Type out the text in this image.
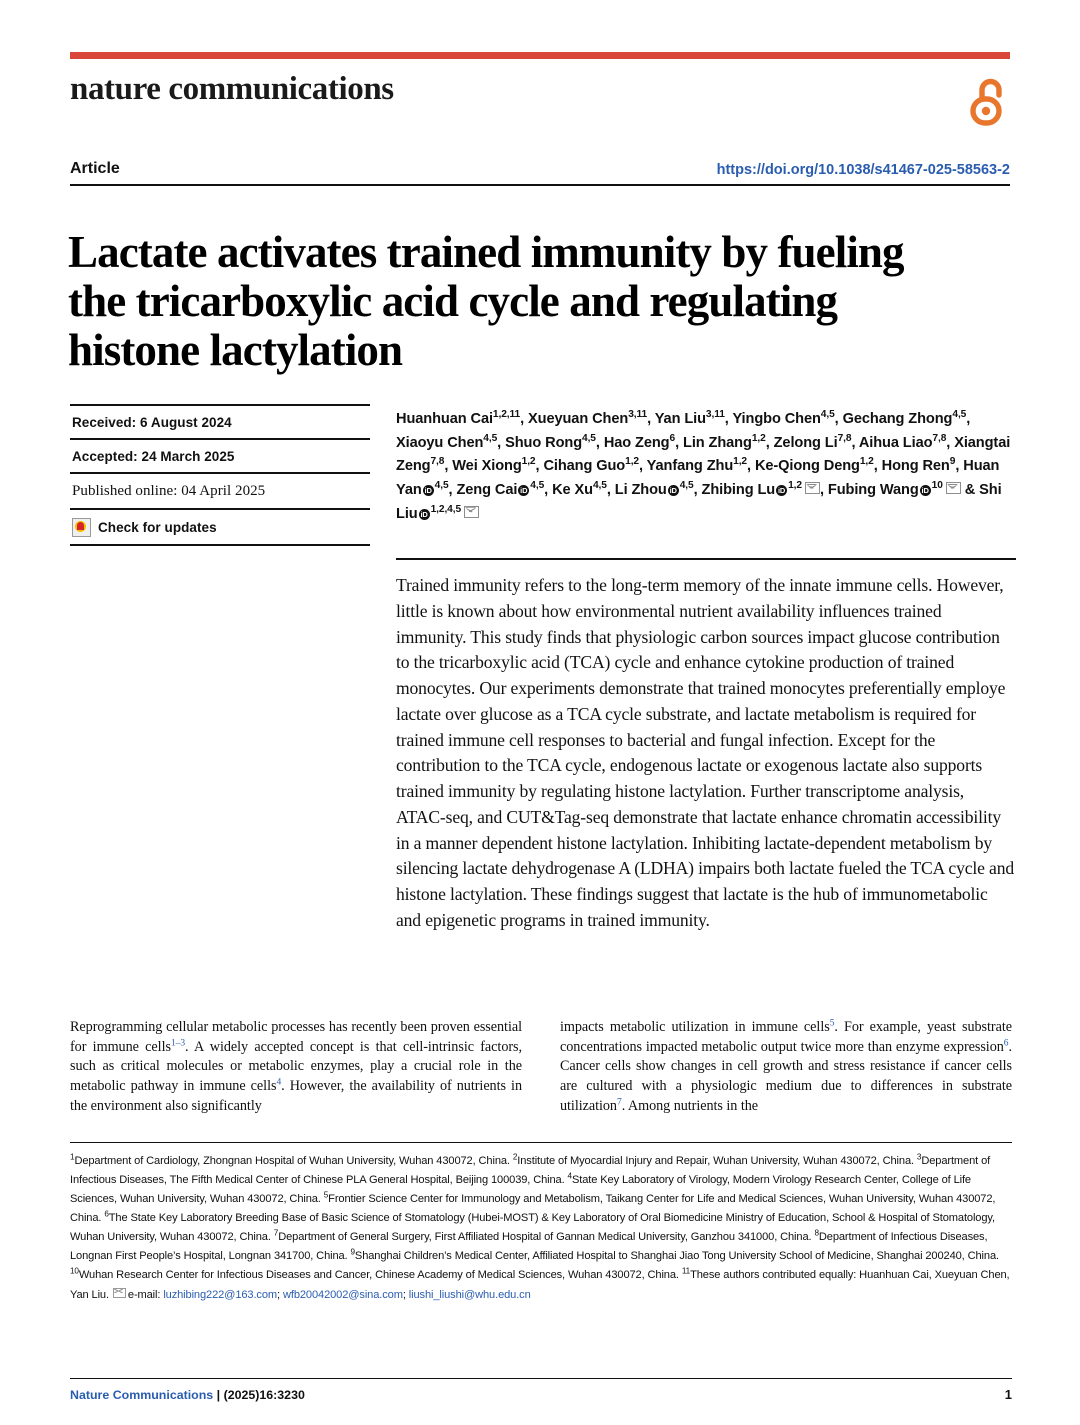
nature communications
Article	https://doi.org/10.1038/s41467-025-58563-2
Lactate activates trained immunity by fueling the tricarboxylic acid cycle and regulating histone lactylation
Received: 6 August 2024
Accepted: 24 March 2025
Published online: 04 April 2025
Check for updates
Huanhuan Cai$^{1,2,11}$, Xueyuan Chen$^{3,11}$, Yan Liu$^{3,11}$, Yingbo Chen$^{4,5}$, Gechang Zhong$^{4,5}$, Xiaoyu Chen$^{4,5}$, Shuo Rong$^{4,5}$, Hao Zeng$^6$, Lin Zhang$^{1,2}$, Zelong Li$^{7,8}$, Aihua Liao$^{7,8}$, Xiangtai Zeng$^{7,8}$, Wei Xiong$^{1,2}$, Cihang Guo$^{1,2}$, Yanfang Zhu$^{1,2}$, Ke-Qiong Deng$^{1,2}$, Hong Ren$^9$, Huan Yan iD $^{4,5}$, Zeng Cai iD $^{4,5}$, Ke Xu$^{4,5}$, Li Zhou iD $^{4,5}$, Zhibing Lu iD $^{1,2}$ , Fubing Wang iD $^{10}$ & Shi Liu iD $^{1,2,4,5}$
Trained immunity refers to the long-term memory of the innate immune cells. However, little is known about how environmental nutrient availability influences trained immunity. This study finds that physiologic carbon sources impact glucose contribution to the tricarboxylic acid (TCA) cycle and enhance cytokine production of trained monocytes. Our experiments demonstrate that trained monocytes preferentially employe lactate over glucose as a TCA cycle substrate, and lactate metabolism is required for trained immune cell responses to bacterial and fungal infection. Except for the contribution to the TCA cycle, endogenous lactate or exogenous lactate also supports trained immunity by regulating histone lactylation. Further transcriptome analysis, ATAC-seq, and CUT&Tag-seq demonstrate that lactate enhance chromatin accessibility in a manner dependent histone lactylation. Inhibiting lactate-dependent metabolism by silencing lactate dehydrogenase A (LDHA) impairs both lactate fueled the TCA cycle and histone lactylation. These findings suggest that lactate is the hub of immunometabolic and epigenetic programs in trained immunity.
Reprogramming cellular metabolic processes has recently been proven essential for immune cells$^{1-3}$. A widely accepted concept is that cell-intrinsic factors, such as critical molecules or metabolic enzymes, play a crucial role in the metabolic pathway in immune cells$^4$. However, the availability of nutrients in the environment also significantly
impacts metabolic utilization in immune cells$^5$. For example, yeast substrate concentrations impacted metabolic output twice more than enzyme expression$^6$. Cancer cells show changes in cell growth and stress resistance if cancer cells are cultured with a physiologic medium due to differences in substrate utilization$^7$. Among nutrients in the
$^1$Department of Cardiology, Zhongnan Hospital of Wuhan University, Wuhan 430072, China. $^2$Institute of Myocardial Injury and Repair, Wuhan University, Wuhan 430072, China. $^3$Department of Infectious Diseases, The Fifth Medical Center of Chinese PLA General Hospital, Beijing 100039, China. $^4$State Key Laboratory of Virology, Modern Virology Research Center, College of Life Sciences, Wuhan University, Wuhan 430072, China. $^5$Frontier Science Center for Immunology and Metabolism, Taikang Center for Life and Medical Sciences, Wuhan University, Wuhan 430072, China. $^6$The State Key Laboratory Breeding Base of Basic Science of Stomatology (Hubei-MOST) & Key Laboratory of Oral Biomedicine Ministry of Education, School & Hospital of Stomatology, Wuhan University, Wuhan 430072, China. $^7$Department of General Surgery, First Affiliated Hospital of Gannan Medical University, Ganzhou 341000, China. $^8$Department of Infectious Diseases, Longnan First People’s Hospital, Longnan 341700, China. $^9$Shanghai Children’s Medical Center, Affiliated Hospital to Shanghai Jiao Tong University School of Medicine, Shanghai 200240, China. $^{10}$Wuhan Research Center for Infectious Diseases and Cancer, Chinese Academy of Medical Sciences, Wuhan 430072, China. $^{11}$These authors contributed equally: Huanhuan Cai, Xueyuan Chen, Yan Liu. e-mail: luzhibing222@163.com; wfb20042002@sina.com; liushi_liushi@whu.edu.cn
Nature Communications | (2025)16:3230	1
